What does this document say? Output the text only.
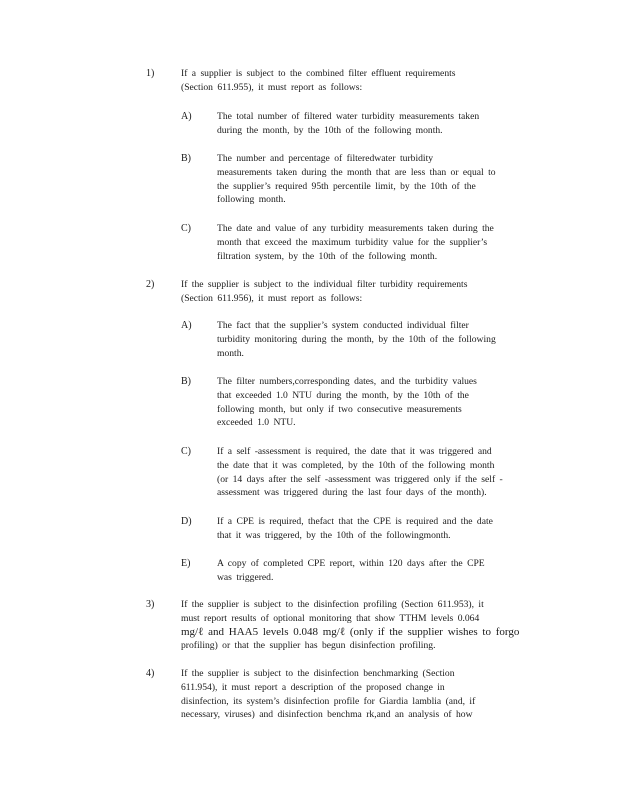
1)	If a supplier is subject to the combined filter effluent requirements
(Section 611.955), it must report as follows:
A)	The total number of filtered water turbidity measurements taken
during the month, by the 10th of the following month.
B)	The number and percentage of filteredwater turbidity
measurements taken during the month that are less than or equal to
the supplier’s required 95th percentile limit, by the 10th of the
following month.
C)	The date and value of any turbidity measurements taken during the
month that exceed the maximum turbidity value for the supplier’s
filtration system, by the 10th of the following month.
2)	If the supplier is subject to the individual filter turbidity requirements
(Section 611.956), it must report as follows:
A)	The fact that the supplier’s system conducted individual filter
turbidity monitoring during the month, by the 10th of the following
month.
B)	The filter numbers,corresponding dates, and the turbidity values
that exceeded 1.0 NTU during the month, by the 10th of the
following month, but only if two consecutive measurements
exceeded 1.0 NTU.
C)	If a self -assessment is required, the date that it was triggered and
the date that it was completed, by the 10th of the following month
(or 14 days after the self -assessment was triggered only if the self -
assessment was triggered during the last four days of the month).
D)	If a CPE is required, thefact that the CPE is required and the date
that it was triggered, by the 10th of the followingmonth.
E)	A copy of completed CPE report, within 120 days after the CPE
was triggered.
3)	If the supplier is subject to the disinfection profiling (Section 611.953), it
must report results of optional monitoring that show TTHM levels 0.064
mg/ℓ and HAA5 levels 0.048 mg/ℓ (only if the supplier wishes to forgo
profiling) or that the supplier has begun disinfection profiling.
4)	If the supplier is subject to the disinfection benchmarking (Section
611.954), it must report a description of the proposed change in
disinfection, its system’s disinfection profile for Giardia lamblia (and, if
necessary, viruses) and disinfection benchma rk,and an analysis of how
